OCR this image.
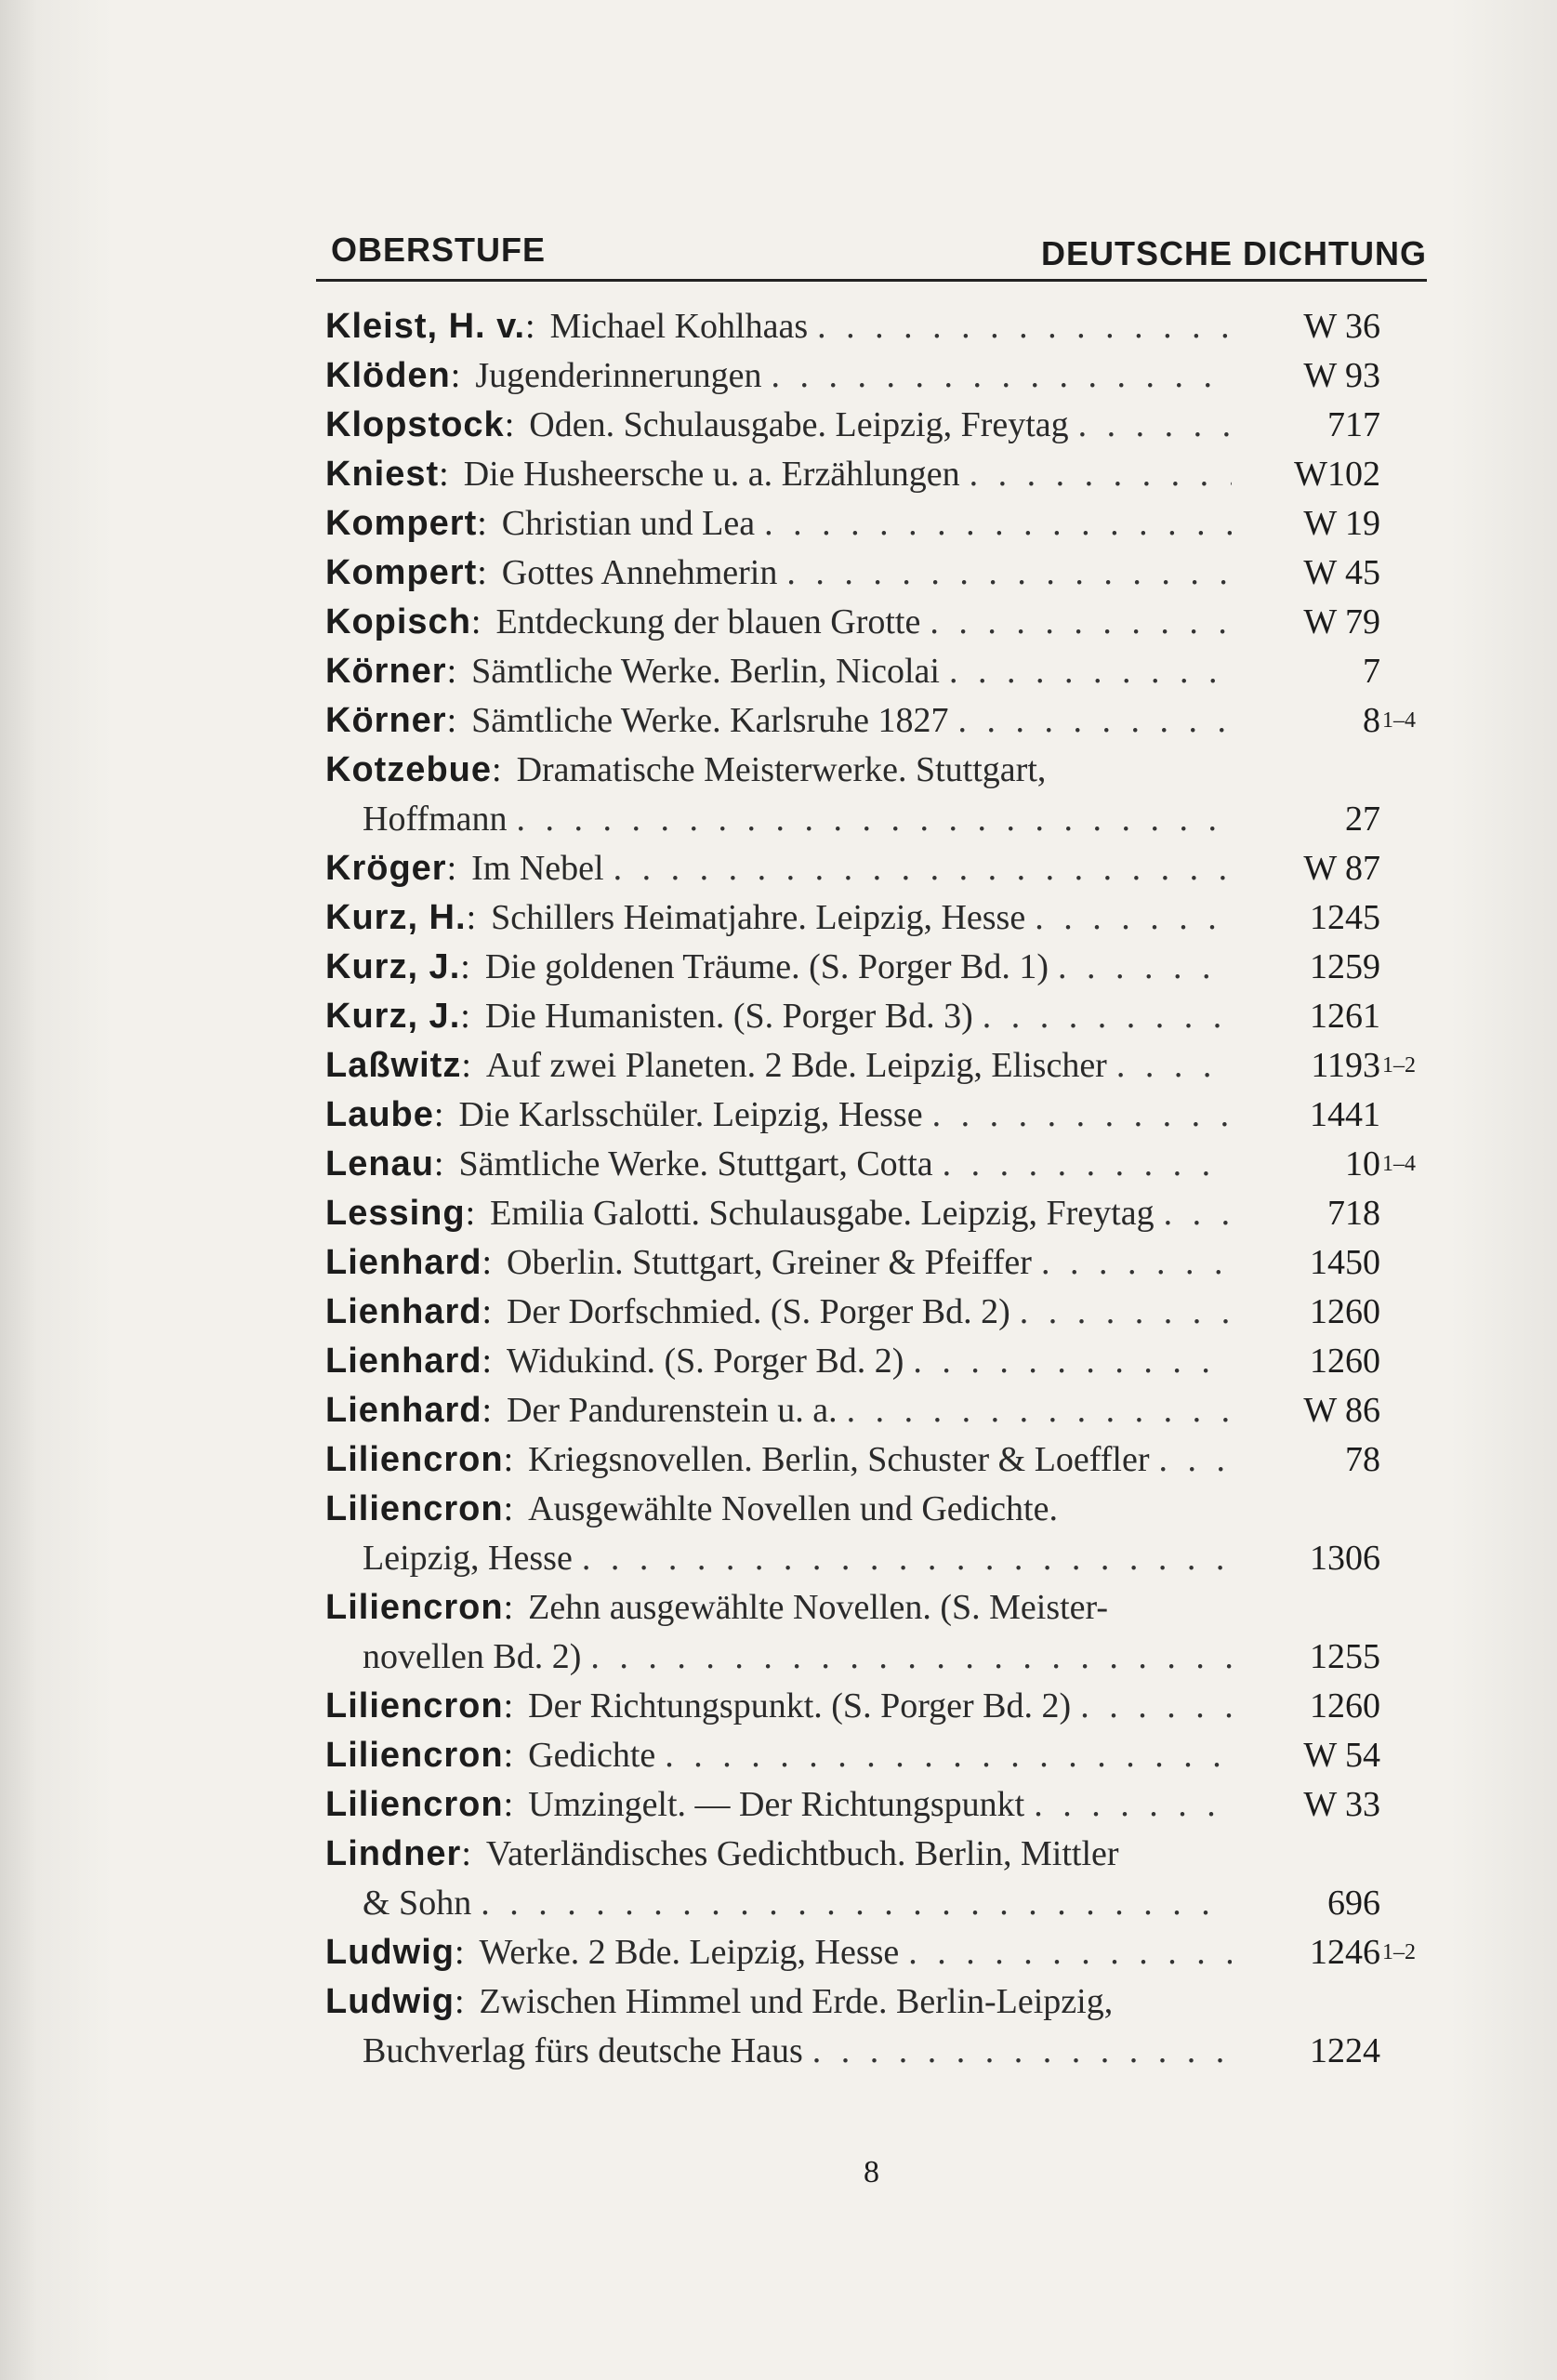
OBERSTUFE	DEUTSCHE DICHTUNG
Kleist, H. v. : Michael Kohlhaas . . .	W 36
Klöden : Jugenderinnerungen . . .	W 93
Klopstock : Oden. Schulausgabe. Leipzig, Freytag . . .	717
Kniest : Die Husheersche u. a. Erzählungen . . .	W102
Kompert : Christian und Lea . . .	W 19
Kompert : Gottes Annehmerin . . .	W 45
Kopisch : Entdeckung der blauen Grotte . . .	W 79
Körner : Sämtliche Werke. Berlin, Nicolai . . .	7
Körner : Sämtliche Werke. Karlsruhe 1827 . . .	8 1–4
Kotzebue : Dramatische Meisterwerke. Stuttgart,
Hoffmann . . .	27
Kröger : Im Nebel . . .	W 87
Kurz, H. : Schillers Heimatjahre. Leipzig, Hesse . . .	1245
Kurz, J. : Die goldenen Träume. (S. Porger Bd. 1) . . .	1259
Kurz, J. : Die Humanisten. (S. Porger Bd. 3) . . .	1261
Laßwitz : Auf zwei Planeten. 2 Bde. Leipzig, Elischer . . .	1193 1–2
Laube : Die Karlsschüler. Leipzig, Hesse . . .	1441
Lenau : Sämtliche Werke. Stuttgart, Cotta . . .	10 1–4
Lessing : Emilia Galotti. Schulausgabe. Leipzig, Freytag . . .	718
Lienhard : Oberlin. Stuttgart, Greiner & Pfeiffer . . .	1450
Lienhard : Der Dorfschmied. (S. Porger Bd. 2) . . .	1260
Lienhard : Widukind. (S. Porger Bd. 2) . . .	1260
Lienhard : Der Pandurenstein u. a. . . .	W 86
Liliencron : Kriegsnovellen. Berlin, Schuster & Loeffler . . .	78
Liliencron : Ausgewählte Novellen und Gedichte.
Leipzig, Hesse . . .	1306
Liliencron : Zehn ausgewählte Novellen. (S. Meister-
novellen Bd. 2) . . .	1255
Liliencron : Der Richtungspunkt. (S. Porger Bd. 2) . . .	1260
Liliencron : Gedichte . . .	W 54
Liliencron : Umzingelt. — Der Richtungspunkt . . .	W 33
Lindner : Vaterländisches Gedichtbuch. Berlin, Mittler
& Sohn . . .	696
Ludwig : Werke. 2 Bde. Leipzig, Hesse . . .	1246 1–2
Ludwig : Zwischen Himmel und Erde. Berlin-Leipzig,
Buchverlag fürs deutsche Haus . . .	1224
8
